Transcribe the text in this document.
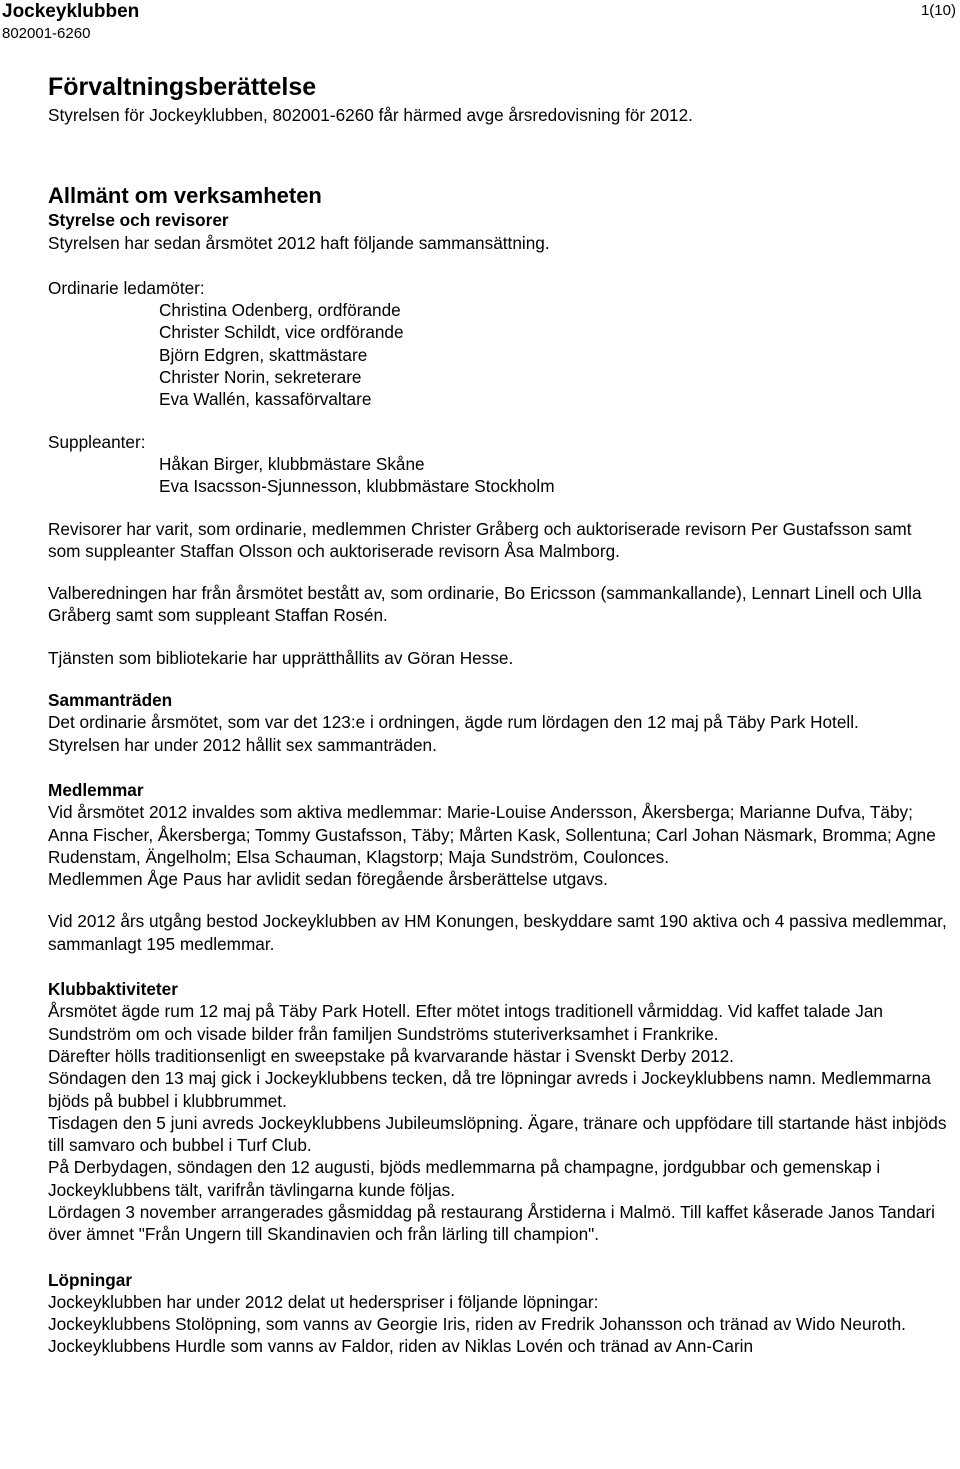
Jockeyklubben
802001-6260
1(10)
Förvaltningsberättelse

Styrelsen för Jockeyklubben, 802001-6260 får härmed avge årsredovisning för 2012.

Allmänt om verksamheten
Styrelse och revisorer
Styrelsen har sedan årsmötet 2012 haft följande sammansättning.
Ordinarie ledamöter:
Christina Odenberg, ordförande
Christer Schildt, vice ordförande
Björn Edgren, skattmästare
Christer Norin, sekreterare
Eva Wallén, kassaförvaltare
Suppleanter:
Håkan Birger, klubbmästare Skåne
Eva Isacsson-Sjunnesson, klubbmästare Stockholm

Revisorer har varit, som ordinarie, medlemmen Christer Gråberg och auktoriserade revisorn Per Gustafsson samt som suppleanter Staffan Olsson och auktoriserade revisorn Åsa Malmborg.

Valberedningen har från årsmötet bestått av, som ordinarie, Bo Ericsson (sammankallande), Lennart Linell och Ulla Gråberg samt som suppleant Staffan Rosén.

Tjänsten som bibliotekarie har upprätthållits av Göran Hesse.

Sammanträden
Det ordinarie årsmötet, som var det 123:e i ordningen, ägde rum lördagen den 12 maj på Täby Park Hotell.
Styrelsen har under 2012 hållit sex sammanträden.
Medlemmar
Vid årsmötet 2012 invaldes som aktiva medlemmar: Marie-Louise Andersson, Åkersberga; Marianne Dufva, Täby; Anna Fischer, Åkersberga; Tommy Gustafsson, Täby; Mårten Kask, Sollentuna; Carl Johan Näsmark, Bromma; Agne Rudenstam, Ängelholm; Elsa Schauman, Klagstorp; Maja Sundström, Coulonces.
Medlemmen Åge Paus har avlidit sedan föregående årsberättelse utgavs.

Vid 2012 års utgång bestod Jockeyklubben av HM Konungen, beskyddare samt 190 aktiva och 4 passiva medlemmar, sammanlagt 195 medlemmar.

Klubbaktiviteter
Årsmötet ägde rum 12 maj på Täby Park Hotell. Efter mötet intogs traditionell vårmiddag. Vid kaffet talade Jan Sundström om och visade bilder från familjen Sundströms stuteriverksamhet i Frankrike.
Därefter hölls traditionsenligt en sweepstake på kvarvarande hästar i Svenskt Derby 2012.
Söndagen den 13 maj gick i Jockeyklubbens tecken, då tre löpningar avreds i Jockeyklubbens namn. Medlemmarna bjöds på bubbel i klubbrummet.
Tisdagen den 5 juni avreds Jockeyklubbens Jubileumslöpning. Ägare, tränare och uppfödare till startande häst inbjöds till samvaro och bubbel i Turf Club.
På Derbydagen, söndagen den 12 augusti, bjöds medlemmarna på champagne, jordgubbar och gemenskap i Jockeyklubbens tält, varifrån tävlingarna kunde följas.
Lördagen 3 november arrangerades gåsmiddag på restaurang Årstiderna i Malmö. Till kaffet kåserade Janos Tandari över ämnet "Från Ungern till Skandinavien och från lärling till champion".
Löpningar
Jockeyklubben har under 2012 delat ut hederspriser i följande löpningar:
Jockeyklubbens Stolöpning, som vanns av Georgie Iris, riden av Fredrik Johansson och tränad av Wido Neuroth.
Jockeyklubbens Hurdle som vanns av Faldor, riden av Niklas Lovén och tränad av Ann-Carin
